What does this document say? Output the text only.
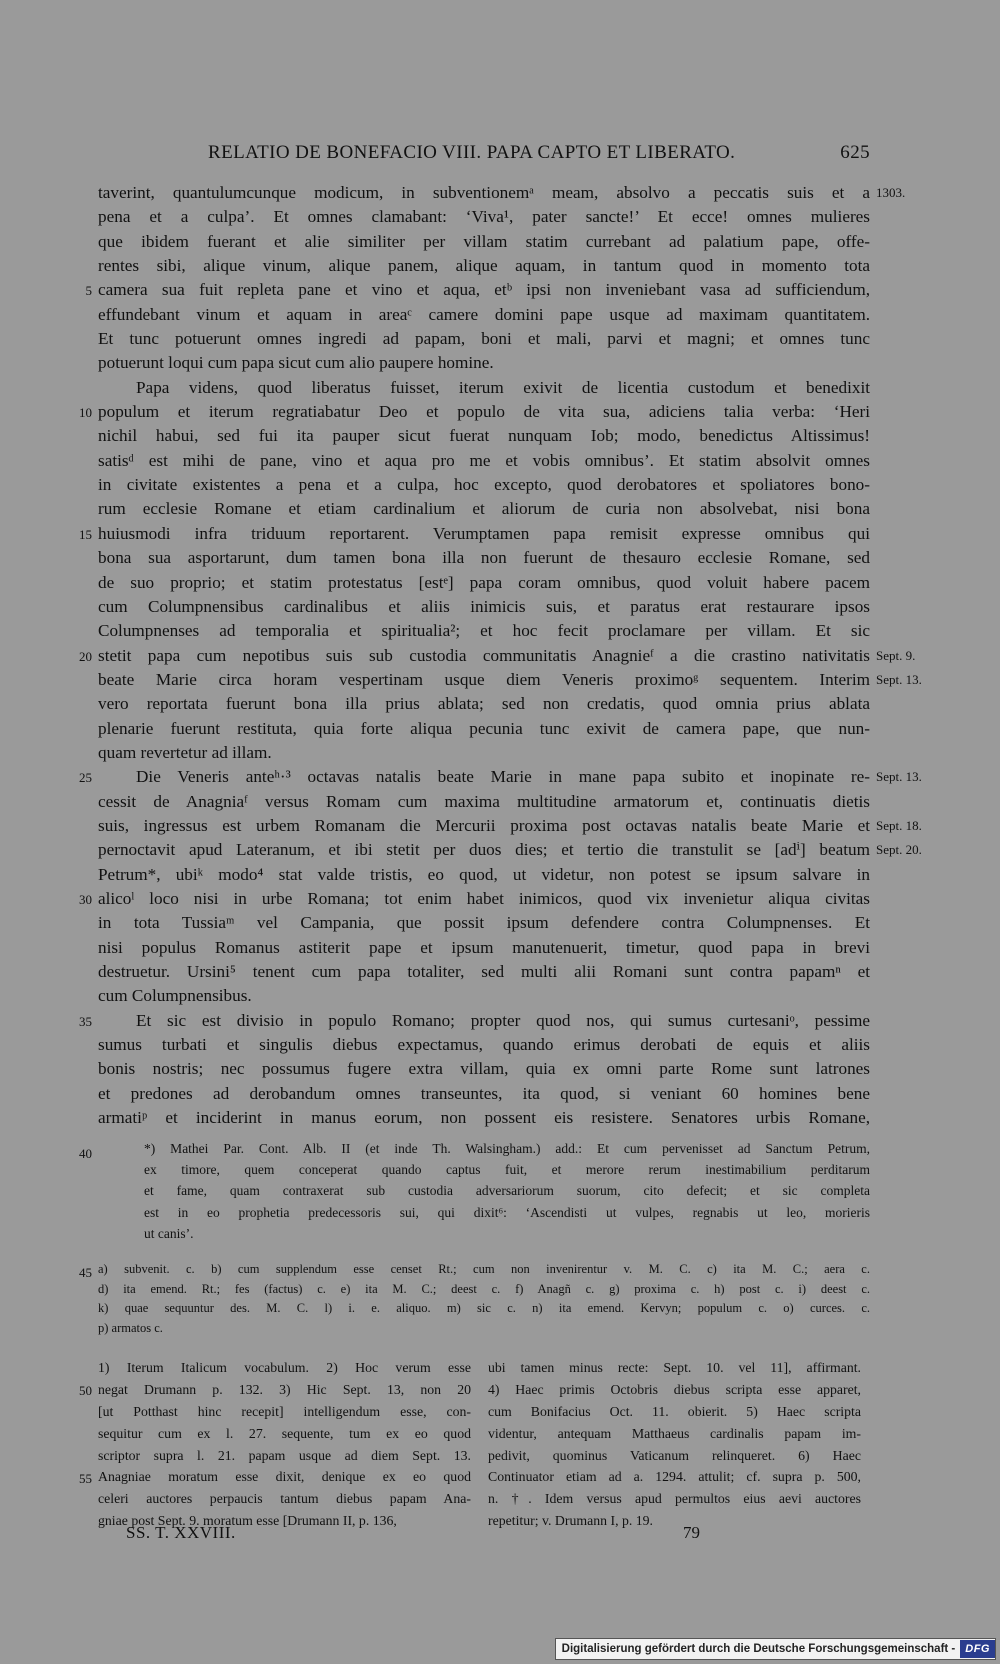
RELATIO DE BONEFACIO VIII. PAPA CAPTO ET LIBERATO.	625
taverint, quantulumcunque modicum, in subventionemᵃ meam, absolvo a peccatis suis et a
pena et a culpa’. Et omnes clamabant: ‘Viva¹, pater sancte!’ Et ecce! omnes mulieres
que ibidem fuerant et alie similiter per villam statim currebant ad palatium pape, offe-
rentes sibi, alique vinum, alique panem, alique aquam, in tantum quod in momento tota
camera sua fuit repleta pane et vino et aqua, etᵇ ipsi non inveniebant vasa ad sufficiendum,
effundebant vinum et aquam in areaᶜ camere domini pape usque ad maximam quantitatem.
Et tunc potuerunt omnes ingredi ad papam, boni et mali, parvi et magni; et omnes tunc
potuerunt loqui cum papa sicut cum alio paupere homine.
Papa videns, quod liberatus fuisset, iterum exivit de licentia custodum et benedixit
populum et iterum regratiabatur Deo et populo de vita sua, adiciens talia verba: ‘Heri
nichil habui, sed fui ita pauper sicut fuerat nunquam Iob; modo, benedictus Altissimus!
satisᵈ est mihi de pane, vino et aqua pro me et vobis omnibus’. Et statim absolvit omnes
in civitate existentes a pena et a culpa, hoc excepto, quod derobatores et spoliatores bono-
rum ecclesie Romane et etiam cardinalium et aliorum de curia non absolvebat, nisi bona
huiusmodi infra triduum reportarent. Verumptamen papa remisit expresse omnibus qui
bona sua asportarunt, dum tamen bona illa non fuerunt de thesauro ecclesie Romane, sed
de suo proprio; et statim protestatus [estᵉ] papa coram omnibus, quod voluit habere pacem
cum Columpnensibus cardinalibus et aliis inimicis suis, et paratus erat restaurare ipsos
Columpnenses ad temporalia et spiritualia²; et hoc fecit proclamare per villam. Et sic
stetit papa cum nepotibus suis sub custodia communitatis Anagnieᶠ a die crastino nativitatis
beate Marie circa horam vespertinam usque diem Veneris proximoᵍ sequentem. Interim
vero reportata fuerunt bona illa prius ablata; sed non credatis, quod omnia prius ablata
plenarie fuerunt restituta, quia forte aliqua pecunia tunc exivit de camera pape, que nun-
quam revertetur ad illam.
Die Veneris anteʰ·³ octavas natalis beate Marie in mane papa subito et inopinate re-
cessit de Anagniaᶠ versus Romam cum maxima multitudine armatorum et, continuatis dietis
suis, ingressus est urbem Romanam die Mercurii proxima post octavas natalis beate Marie et
pernoctavit apud Lateranum, et ibi stetit per duos dies; et tertio die transtulit se [adⁱ] beatum
Petrum*, ubiᵏ modo⁴ stat valde tristis, eo quod, ut videtur, non potest se ipsum salvare in
alicoˡ loco nisi in urbe Romana; tot enim habet inimicos, quod vix invenietur aliqua civitas
in tota Tussiaᵐ vel Campania, que possit ipsum defendere contra Columpnenses. Et
nisi populus Romanus astiterit pape et ipsum manutenuerit, timetur, quod papa in brevi
destruetur. Ursini⁵ tenent cum papa totaliter, sed multi alii Romani sunt contra papamⁿ et
cum Columpnensibus.
Et sic est divisio in populo Romano; propter quod nos, qui sumus curtesaniᵒ, pessime
sumus turbati et singulis diebus expectamus, quando erimus derobati de equis et aliis
bonis nostris; nec possumus fugere extra villam, quia ex omni parte Rome sunt latrones
et predones ad derobandum omnes transeuntes, ita quod, si veniant 60 homines bene
armatiᵖ et inciderint in manus eorum, non possent eis resistere. Senatores urbis Romane,
5
10
15
20
25
30
35
1303.
Sept. 9.
Sept. 13.
Sept. 13.
Sept. 18.
Sept. 20.
40	*) Mathei Par. Cont. Alb. II (et inde Th. Walsingham.) add.: Et cum pervenisset ad Sanctum Petrum,
ex timore, quem conceperat quando captus fuit, et merore rerum inestimabilium perditarum
et fame, quam contraxerat sub custodia adversariorum suorum, cito defecit; et sic completa
est in eo prophetia predecessoris sui, qui dixit⁶: ‘Ascendisti ut vulpes, regnabis ut leo, morieris
ut canis’.
45 a) subvenit. c. b) cum supplendum esse censet Rt.; cum non invenirentur v. M. C. c) ita M. C.; aera c.
d) ita emend. Rt.; fes (factus) c. e) ita M. C.; deest c. f) Anagñ c. g) proxima c. h) post c. i) deest c.
k) quae sequuntur des. M. C. l) i. e. aliquo. m) sic c. n) ita emend. Kervyn; populum c. o) curces. c.
p) armatos c.
50
55
1) Iterum Italicum vocabulum. 2) Hoc verum esse
negat Drumann p. 132. 3) Hic Sept. 13, non 20
[ut Potthast hinc recepit] intelligendum esse, con-
sequitur cum ex l. 27. sequente, tum ex eo quod
scriptor supra l. 21. papam usque ad diem Sept. 13.
Anagniae moratum esse dixit, denique ex eo quod
celeri auctores perpaucis tantum diebus papam Ana-
gniae post Sept. 9. moratum esse [Drumann II, p. 136,
ubi tamen minus recte: Sept. 10. vel 11], affirmant.
4) Haec primis Octobris diebus scripta esse apparet,
cum Bonifacius Oct. 11. obierit. 5) Haec scripta
videntur, antequam Matthaeus cardinalis papam im-
pedivit, quominus Vaticanum relinqueret. 6) Haec
Continuator etiam ad a. 1294. attulit; cf. supra p. 500,
n. †. Idem versus apud permultos eius aevi auctores
repetitur; v. Drumann I, p. 19.
SS. T. XXVIII.	79
Digitalisierung gefördert durch die Deutsche Forschungsgemeinschaft - DFG
